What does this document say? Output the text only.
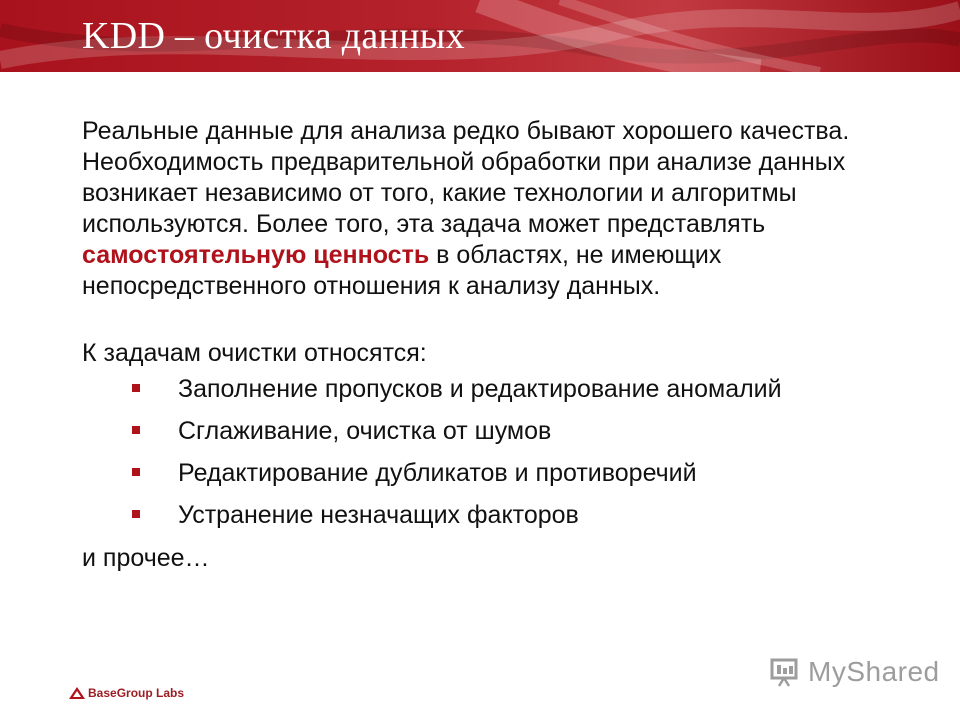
KDD – очистка данных

Реальные данные для анализа редко бывают хорошего качества. Необходимость предварительной обработки при анализе данных возникает независимо от того, какие технологии и алгоритмы используются. Более того, эта задача может представлять самостоятельную ценность в областях, не имеющих непосредственного отношения к анализу данных.

К задачам очистки относятся:

Заполнение пропусков и редактирование аномалий
Сглаживание, очистка от шумов
Редактирование дубликатов и противоречий
Устранение незначащих факторов

и прочее…

BaseGroup Labs
MyShared
